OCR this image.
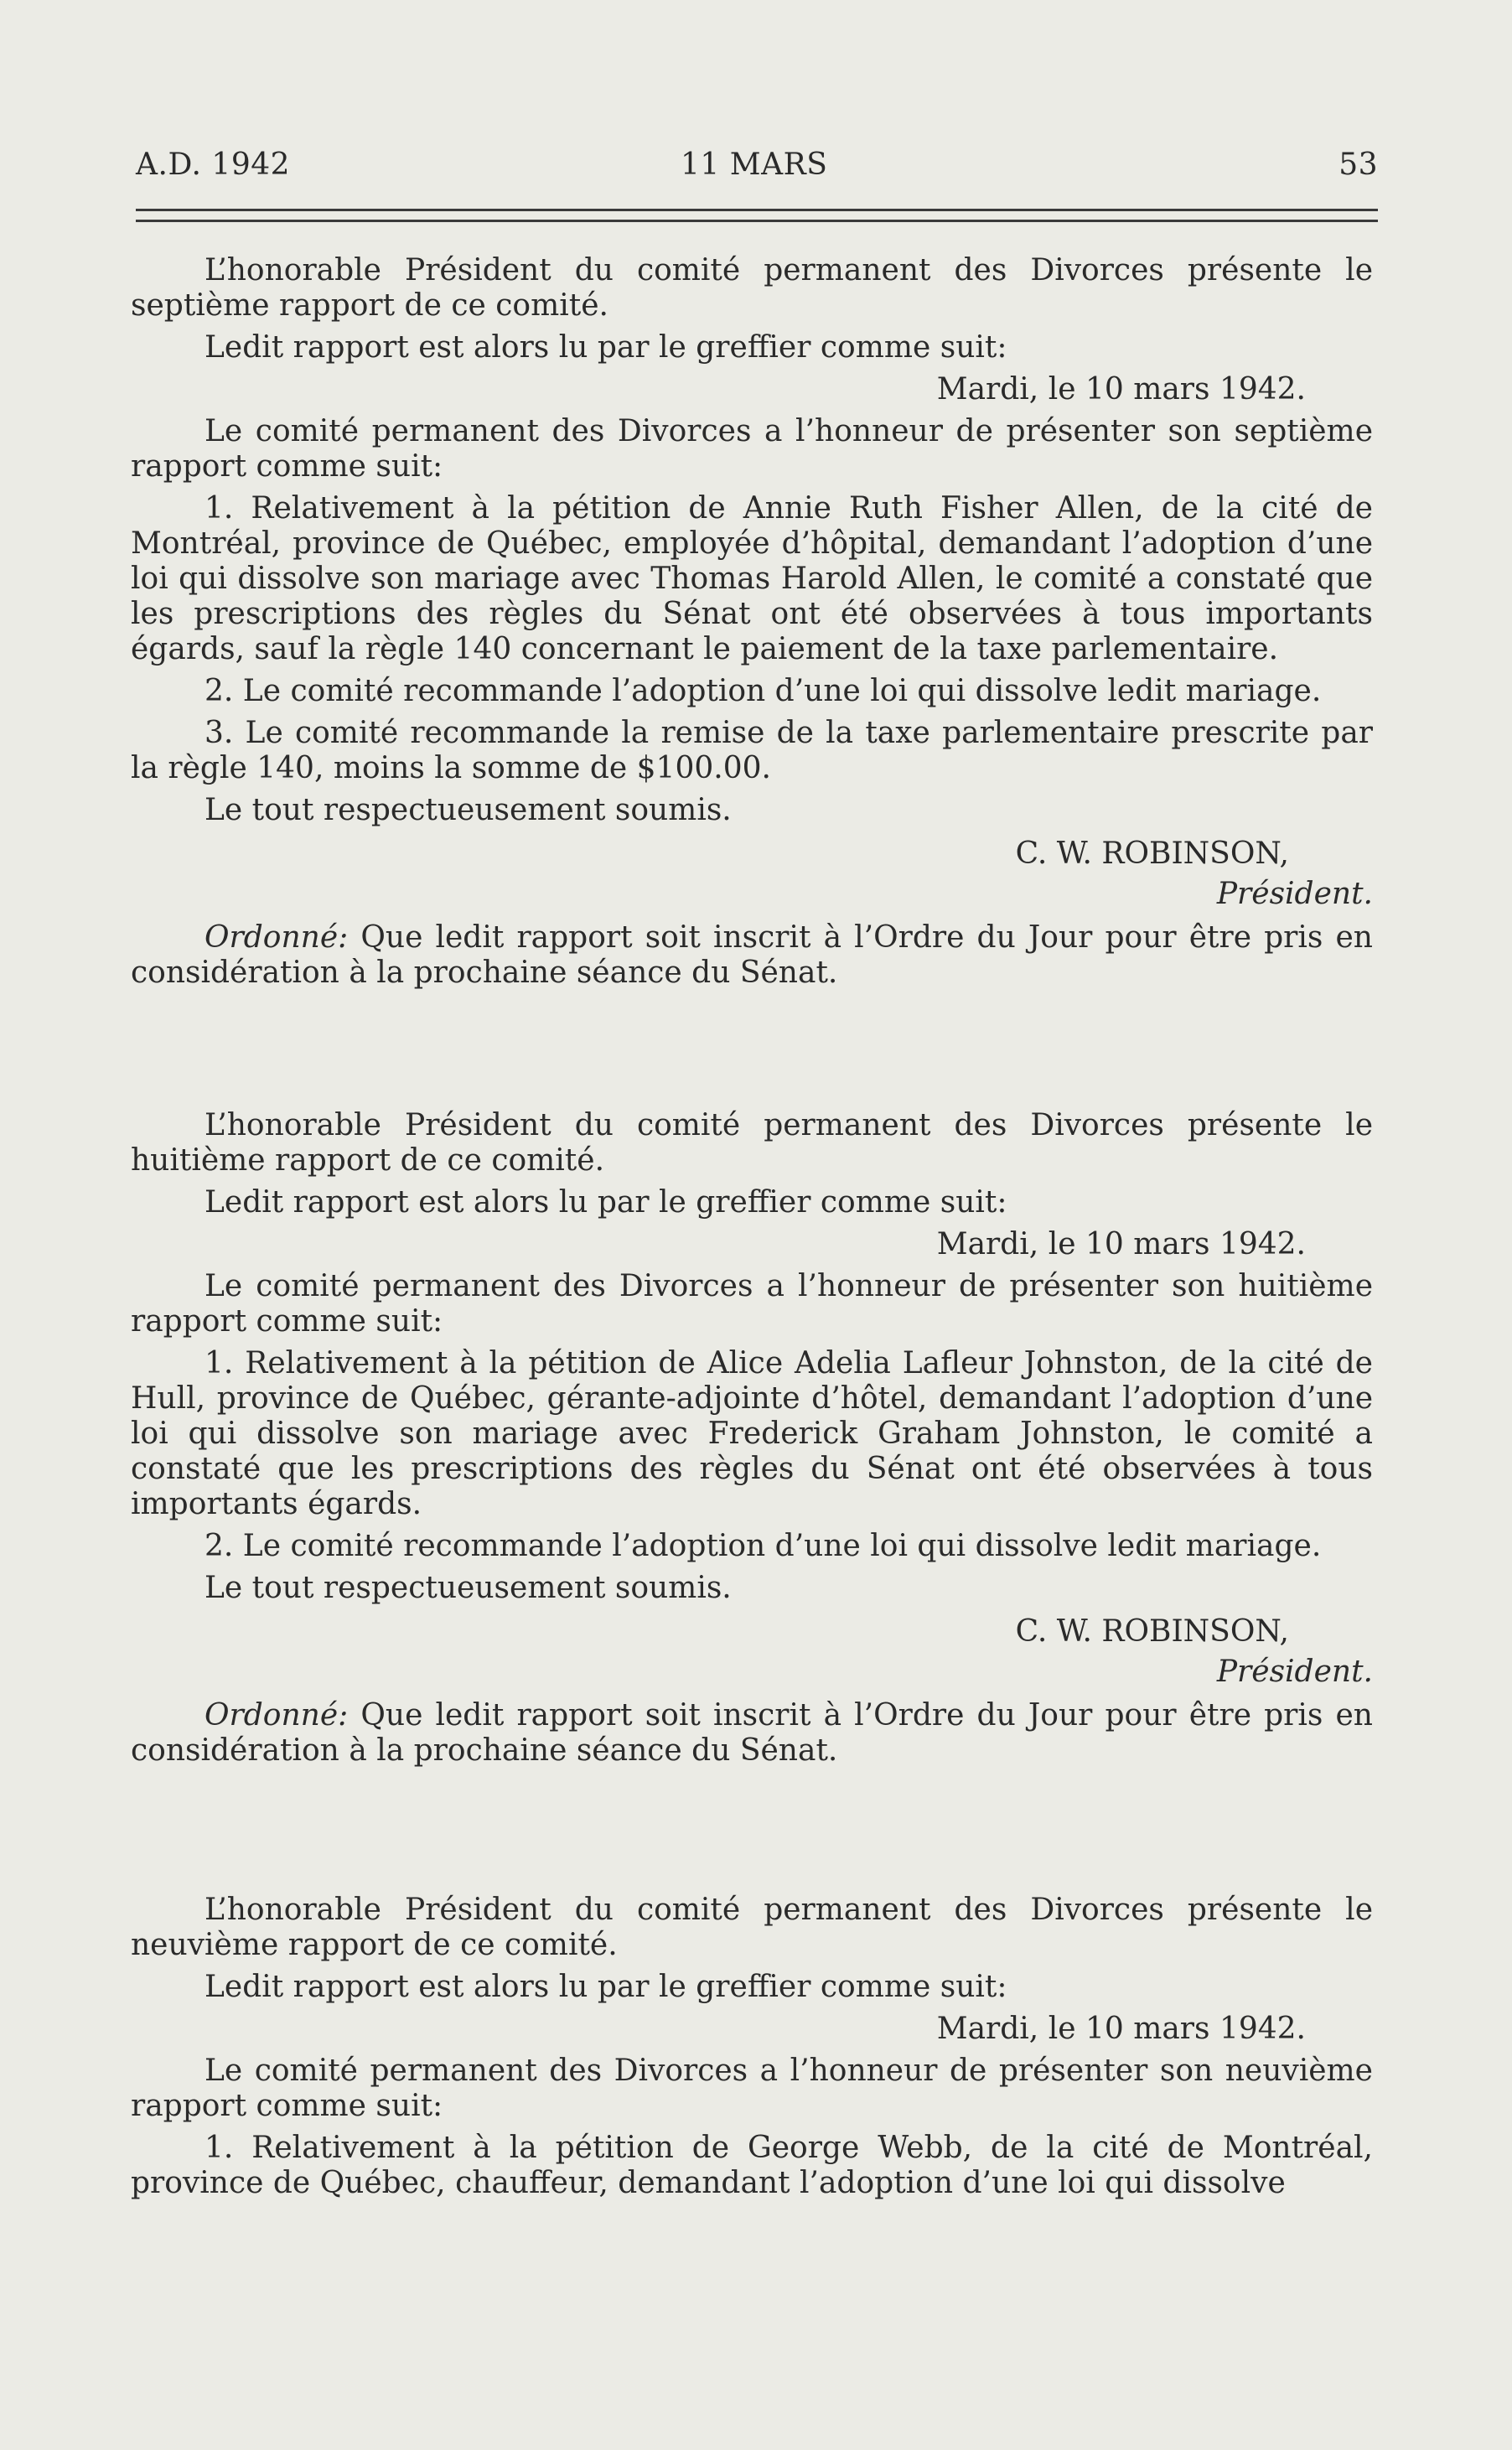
A.D. 1942	11 MARS	53

L’honorable Président du comité permanent des Divorces présente le septième rapport de ce comité.

Ledit rapport est alors lu par le greffier comme suit:

Mardi, le 10 mars 1942.

Le comité permanent des Divorces a l’honneur de présenter son septième rapport comme suit:

1. Relativement à la pétition de Annie Ruth Fisher Allen, de la cité de Montréal, province de Québec, employée d’hôpital, demandant l’adoption d’une loi qui dissolve son mariage avec Thomas Harold Allen, le comité a constaté que les prescriptions des règles du Sénat ont été observées à tous importants égards, sauf la règle 140 concernant le paiement de la taxe parlementaire.

2. Le comité recommande l’adoption d’une loi qui dissolve ledit mariage.

3. Le comité recommande la remise de la taxe parlementaire prescrite par la règle 140, moins la somme de $100.00.

Le tout respectueusement soumis.

C. W. ROBINSON,

Président.

Ordonné: Que ledit rapport soit inscrit à l’Ordre du Jour pour être pris en considération à la prochaine séance du Sénat.

L’honorable Président du comité permanent des Divorces présente le huitième rapport de ce comité.

Ledit rapport est alors lu par le greffier comme suit:

Mardi, le 10 mars 1942.

Le comité permanent des Divorces a l’honneur de présenter son huitième rapport comme suit:

1. Relativement à la pétition de Alice Adelia Lafleur Johnston, de la cité de Hull, province de Québec, gérante-adjointe d’hôtel, demandant l’adoption d’une loi qui dissolve son mariage avec Frederick Graham Johnston, le comité a constaté que les prescriptions des règles du Sénat ont été observées à tous importants égards.

2. Le comité recommande l’adoption d’une loi qui dissolve ledit mariage.

Le tout respectueusement soumis.

C. W. ROBINSON,

Président.

Ordonné: Que ledit rapport soit inscrit à l’Ordre du Jour pour être pris en considération à la prochaine séance du Sénat.

L’honorable Président du comité permanent des Divorces présente le neuvième rapport de ce comité.

Ledit rapport est alors lu par le greffier comme suit:

Mardi, le 10 mars 1942.

Le comité permanent des Divorces a l’honneur de présenter son neuvième rapport comme suit:

1. Relativement à la pétition de George Webb, de la cité de Montréal, province de Québec, chauffeur, demandant l’adoption d’une loi qui dissolve
